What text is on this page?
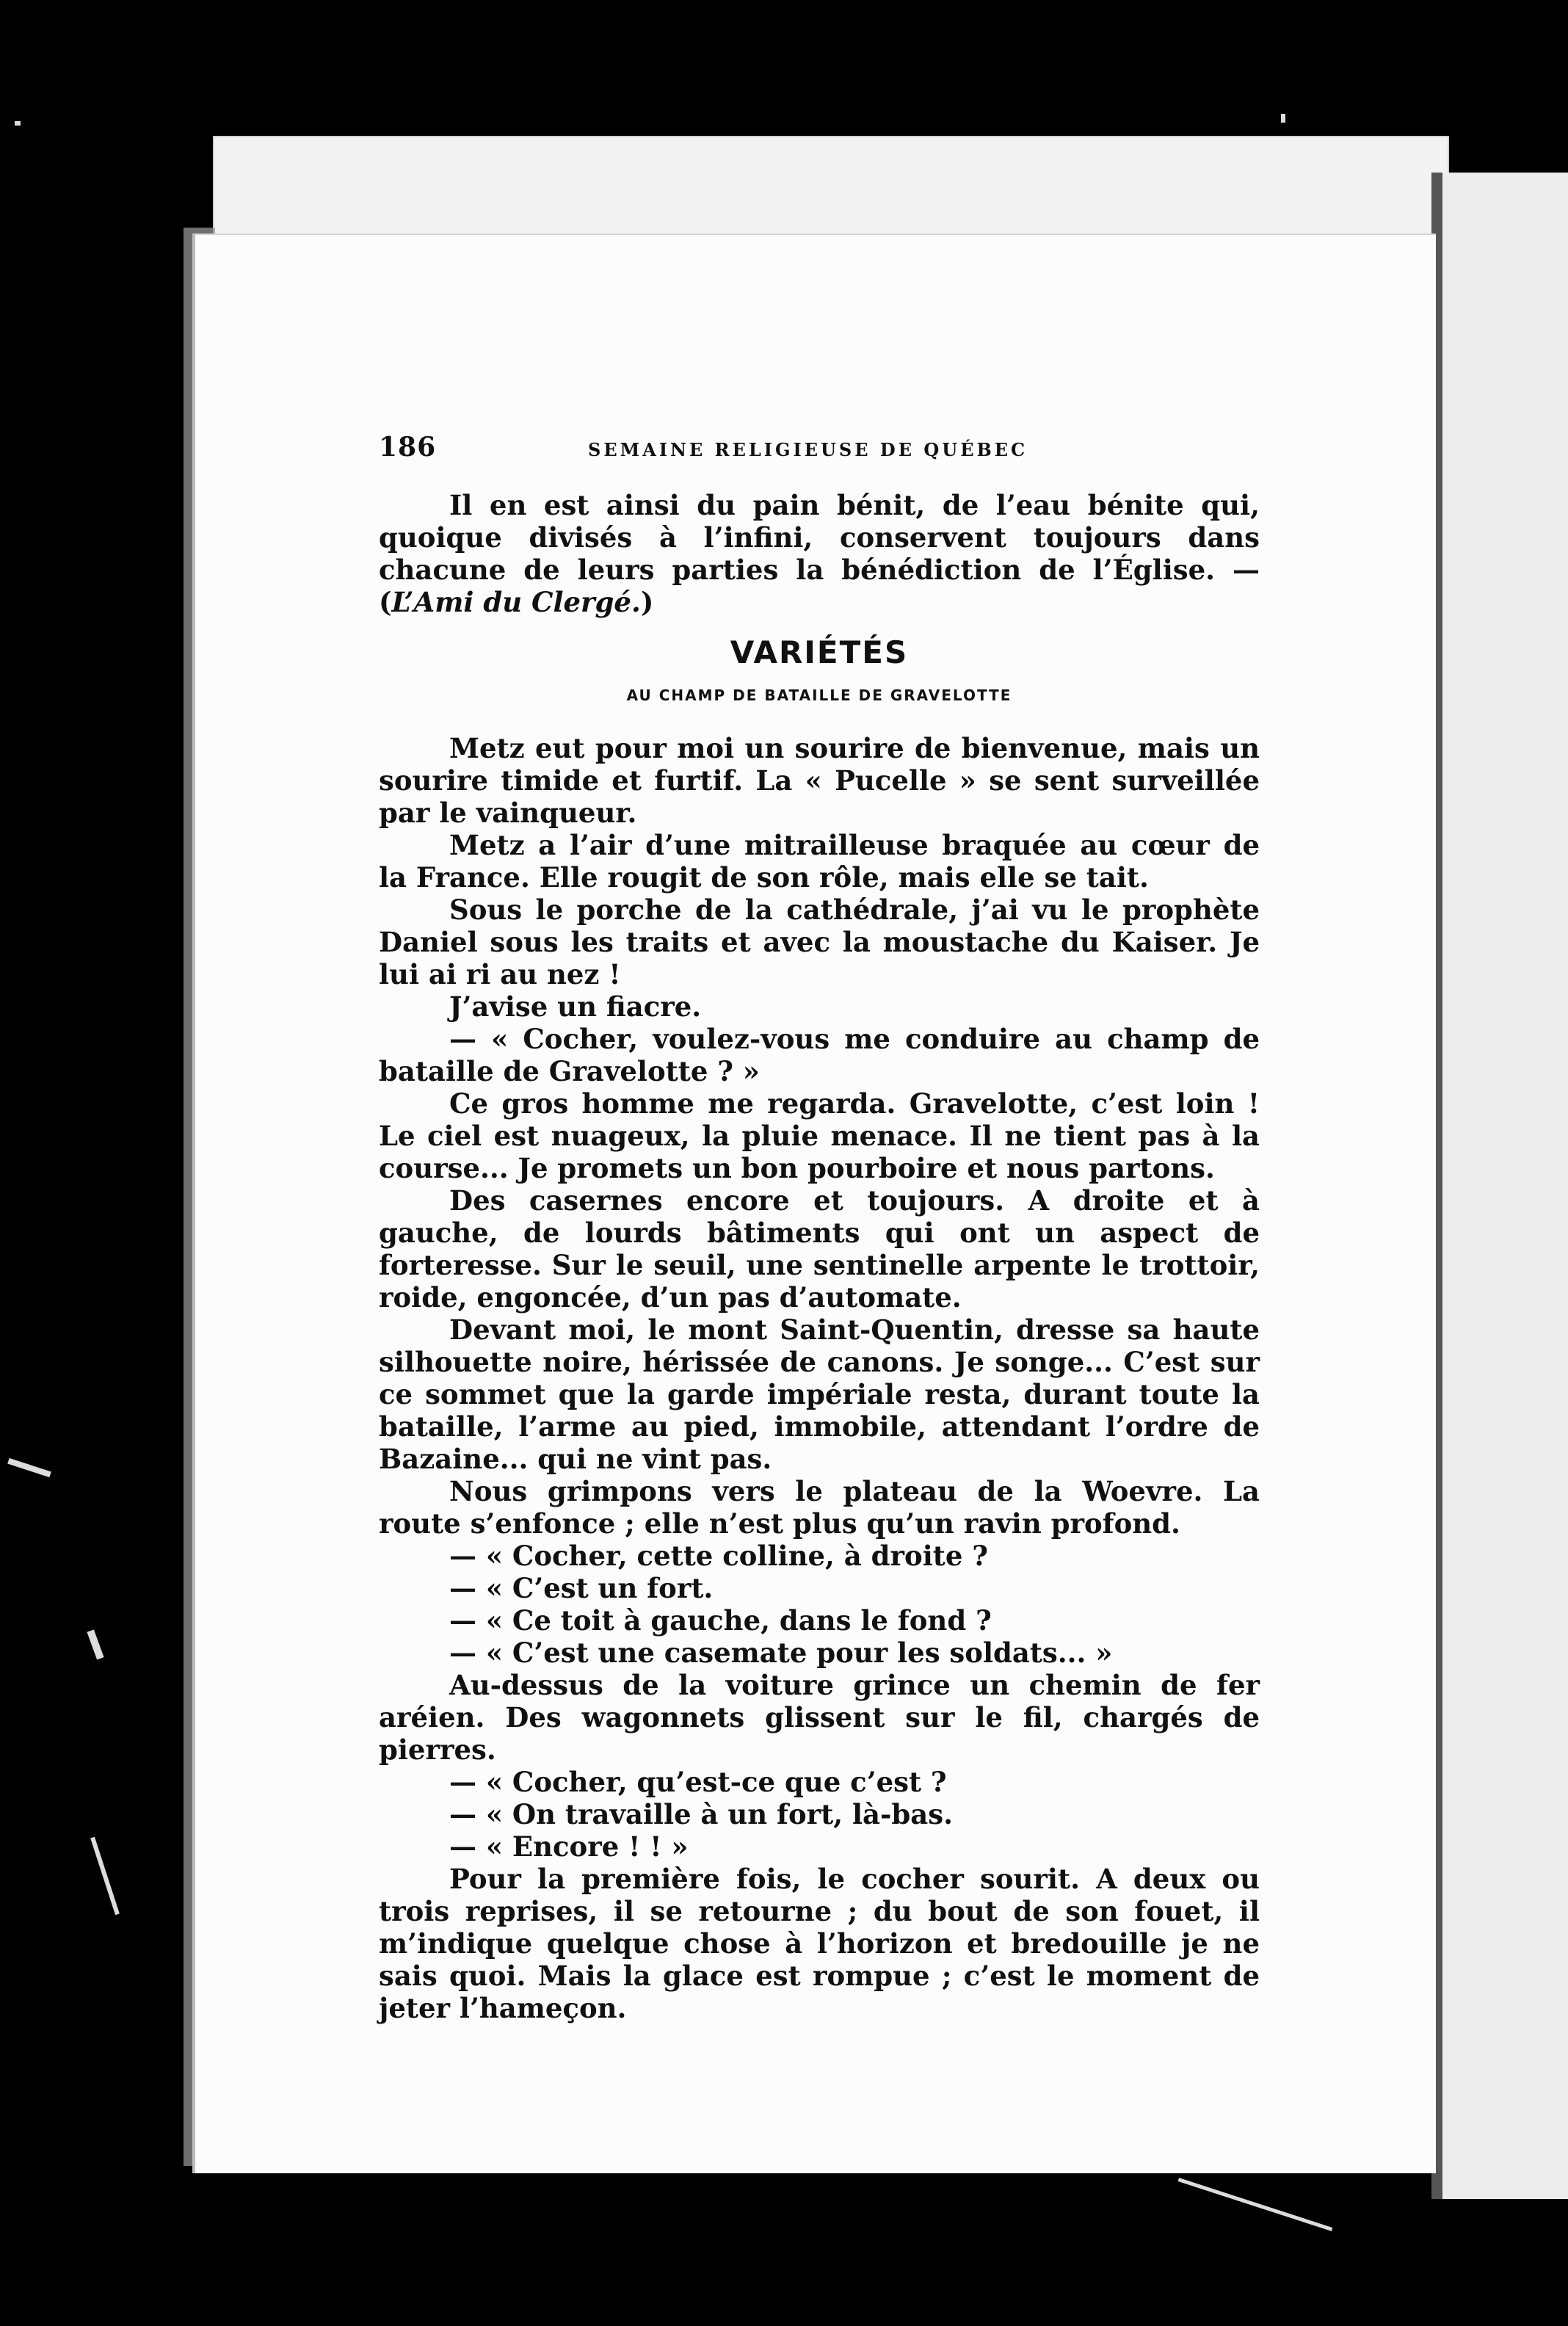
186	SEMAINE RELIGIEUSE DE QUÉBEC

Il en est ainsi du pain bénit, de l’eau bénite qui, quoique divisés à l’infini, conservent toujours dans chacune de leurs parties la bénédiction de l’Église. — (L’Ami du Clergé.)

VARIÉTÉS
AU CHAMP DE BATAILLE DE GRAVELOTTE

Metz eut pour moi un sourire de bienvenue, mais un sourire timide et furtif. La « Pucelle » se sent surveillée par le vainqueur.

Metz a l’air d’une mitrailleuse braquée au cœur de la France. Elle rougit de son rôle, mais elle se tait.

Sous le porche de la cathédrale, j’ai vu le prophète Daniel sous les traits et avec la moustache du Kaiser. Je lui ai ri au nez !

J’avise un fiacre.

— « Cocher, voulez-vous me conduire au champ de bataille de Gravelotte ? »

Ce gros homme me regarda. Gravelotte, c’est loin ! Le ciel est nuageux, la pluie menace. Il ne tient pas à la course... Je promets un bon pourboire et nous partons.

Des casernes encore et toujours. A droite et à gauche, de lourds bâtiments qui ont un aspect de forteresse. Sur le seuil, une sentinelle arpente le trottoir, roide, engoncée, d’un pas d’automate.

Devant moi, le mont Saint-Quentin, dresse sa haute silhouette noire, hérissée de canons. Je songe... C’est sur ce sommet que la garde impériale resta, durant toute la bataille, l’arme au pied, immobile, attendant l’ordre de Bazaine... qui ne vint pas.

Nous grimpons vers le plateau de la Woevre. La route s’enfonce ; elle n’est plus qu’un ravin profond.

— « Cocher, cette colline, à droite ?

— « C’est un fort.

— « Ce toit à gauche, dans le fond ?

— « C’est une casemate pour les soldats... »

Au-dessus de la voiture grince un chemin de fer aréien. Des wagonnets glissent sur le fil, chargés de pierres.

— « Cocher, qu’est-ce que c’est ?

— « On travaille à un fort, là-bas.

— « Encore ! ! »

Pour la première fois, le cocher sourit. A deux ou trois reprises, il se retourne ; du bout de son fouet, il m’indique quelque chose à l’horizon et bredouille je ne sais quoi. Mais la glace est rompue ; c’est le moment de jeter l’hameçon.
